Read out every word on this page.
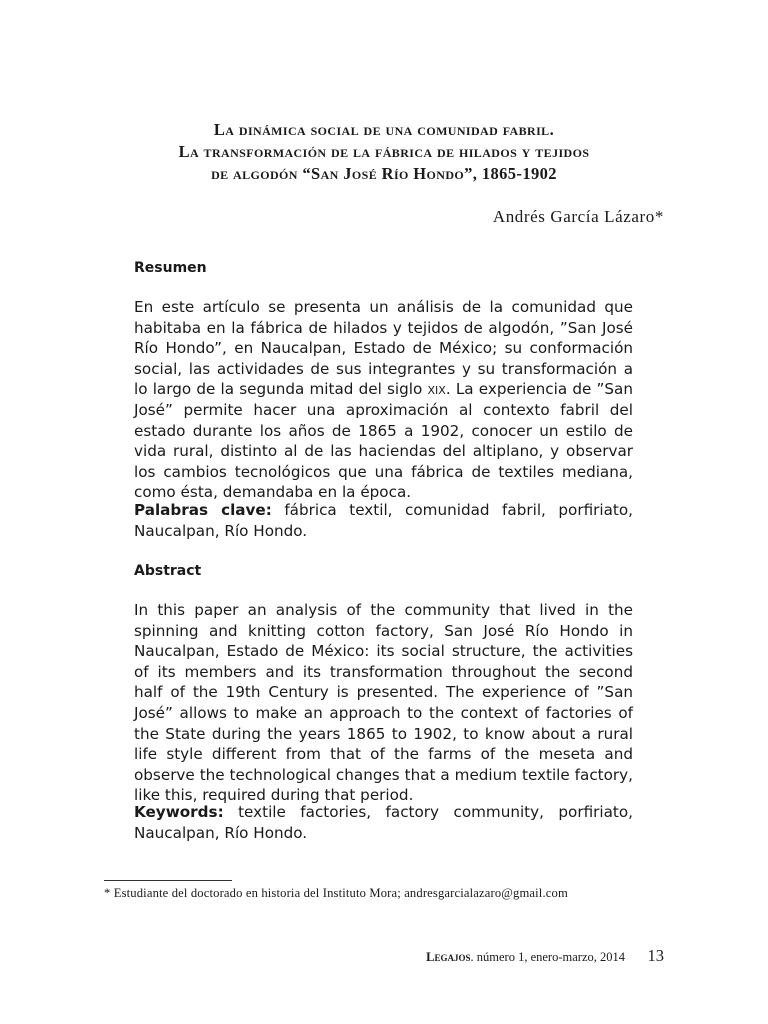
La dinámica social de una comunidad fabril.
La transformación de la fábrica de hilados y tejidos
de algodón “San José Río Hondo”, 1865-1902
Andrés García Lázaro*
Resumen
En este artículo se presenta un análisis de la comunidad que habitaba en la fábrica de hilados y tejidos de algodón, ”San José Río Hondo”, en Naucalpan, Estado de México; su conformación social, las actividades de sus integrantes y su transformación a lo largo de la segunda mitad del siglo xix. La experiencia de ”San José” permite hacer una aproximación al contexto fabril del estado durante los años de 1865 a 1902, conocer un estilo de vida rural, distinto al de las haciendas del altiplano, y observar los cambios tecnológicos que una fábrica de textiles mediana, como ésta, demandaba en la época.
Palabras clave: fábrica textil, comunidad fabril, porfiriato, Naucalpan, Río Hondo.
Abstract
In this paper an analysis of the community that lived in the spinning and knitting cotton factory, San José Río Hondo in Naucalpan, Estado de México: its social structure, the activities of its members and its transformation throughout the second half of the 19th Century is presented. The experience of ”San José” allows to make an approach to the context of factories of the State during the years 1865 to 1902, to know about a rural life style different from that of the farms of the meseta and observe the technological changes that a medium textile factory, like this, required during that period.
Keywords: textile factories, factory community, porfiriato, Naucalpan, Río Hondo.
* Estudiante del doctorado en historia del Instituto Mora; andresgarcialazaro@gmail.com
Legajos. número 1, enero-marzo, 2014 13
